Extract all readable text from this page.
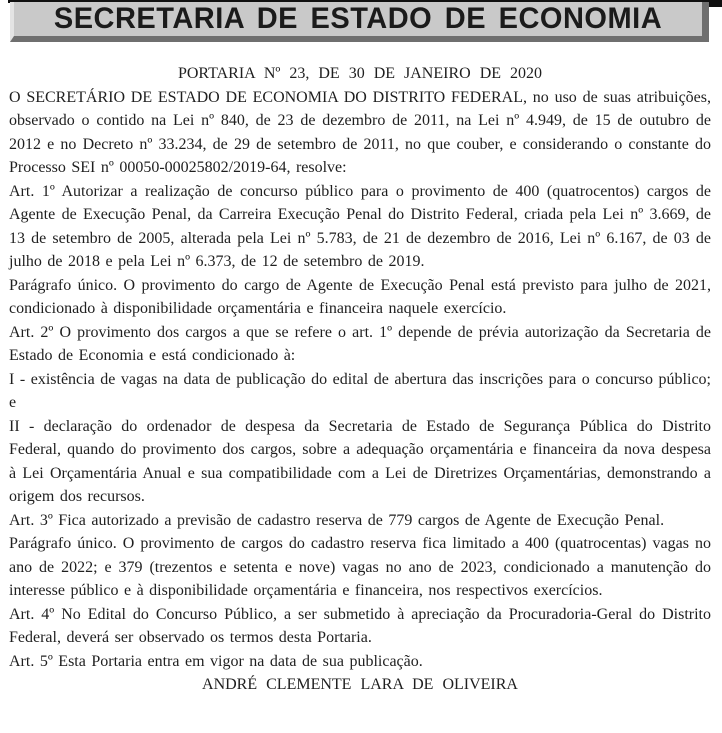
SECRETARIA DE ESTADO DE ECONOMIA

PORTARIA Nº 23, DE 30 DE JANEIRO DE 2020

O SECRETÁRIO DE ESTADO DE ECONOMIA DO DISTRITO FEDERAL, no uso de suas atribuições, observado o contido na Lei nº 840, de 23 de dezembro de 2011, na Lei nº 4.949, de 15 de outubro de 2012 e no Decreto nº 33.234, de 29 de setembro de 2011, no que couber, e considerando o constante do Processo SEI nº 00050-00025802/2019-64, resolve:

Art. 1º Autorizar a realização de concurso público para o provimento de 400 (quatrocentos) cargos de Agente de Execução Penal, da Carreira Execução Penal do Distrito Federal, criada pela Lei nº 3.669, de 13 de setembro de 2005, alterada pela Lei nº 5.783, de 21 de dezembro de 2016, Lei nº 6.167, de 03 de julho de 2018 e pela Lei nº 6.373, de 12 de setembro de 2019.

Parágrafo único. O provimento do cargo de Agente de Execução Penal está previsto para julho de 2021, condicionado à disponibilidade orçamentária e financeira naquele exercício.

Art. 2º O provimento dos cargos a que se refere o art. 1º depende de prévia autorização da Secretaria de Estado de Economia e está condicionado à:

I - existência de vagas na data de publicação do edital de abertura das inscrições para o concurso público; e

II - declaração do ordenador de despesa da Secretaria de Estado de Segurança Pública do Distrito Federal, quando do provimento dos cargos, sobre a adequação orçamentária e financeira da nova despesa à Lei Orçamentária Anual e sua compatibilidade com a Lei de Diretrizes Orçamentárias, demonstrando a origem dos recursos.

Art. 3º Fica autorizado a previsão de cadastro reserva de 779 cargos de Agente de Execução Penal.

Parágrafo único. O provimento de cargos do cadastro reserva fica limitado a 400 (quatrocentas) vagas no ano de 2022; e 379 (trezentos e setenta e nove) vagas no ano de 2023, condicionado a manutenção do interesse público e à disponibilidade orçamentária e financeira, nos respectivos exercícios.

Art. 4º No Edital do Concurso Público, a ser submetido à apreciação da Procuradoria-Geral do Distrito Federal, deverá ser observado os termos desta Portaria.

Art. 5º Esta Portaria entra em vigor na data de sua publicação.

ANDRÉ CLEMENTE LARA DE OLIVEIRA
